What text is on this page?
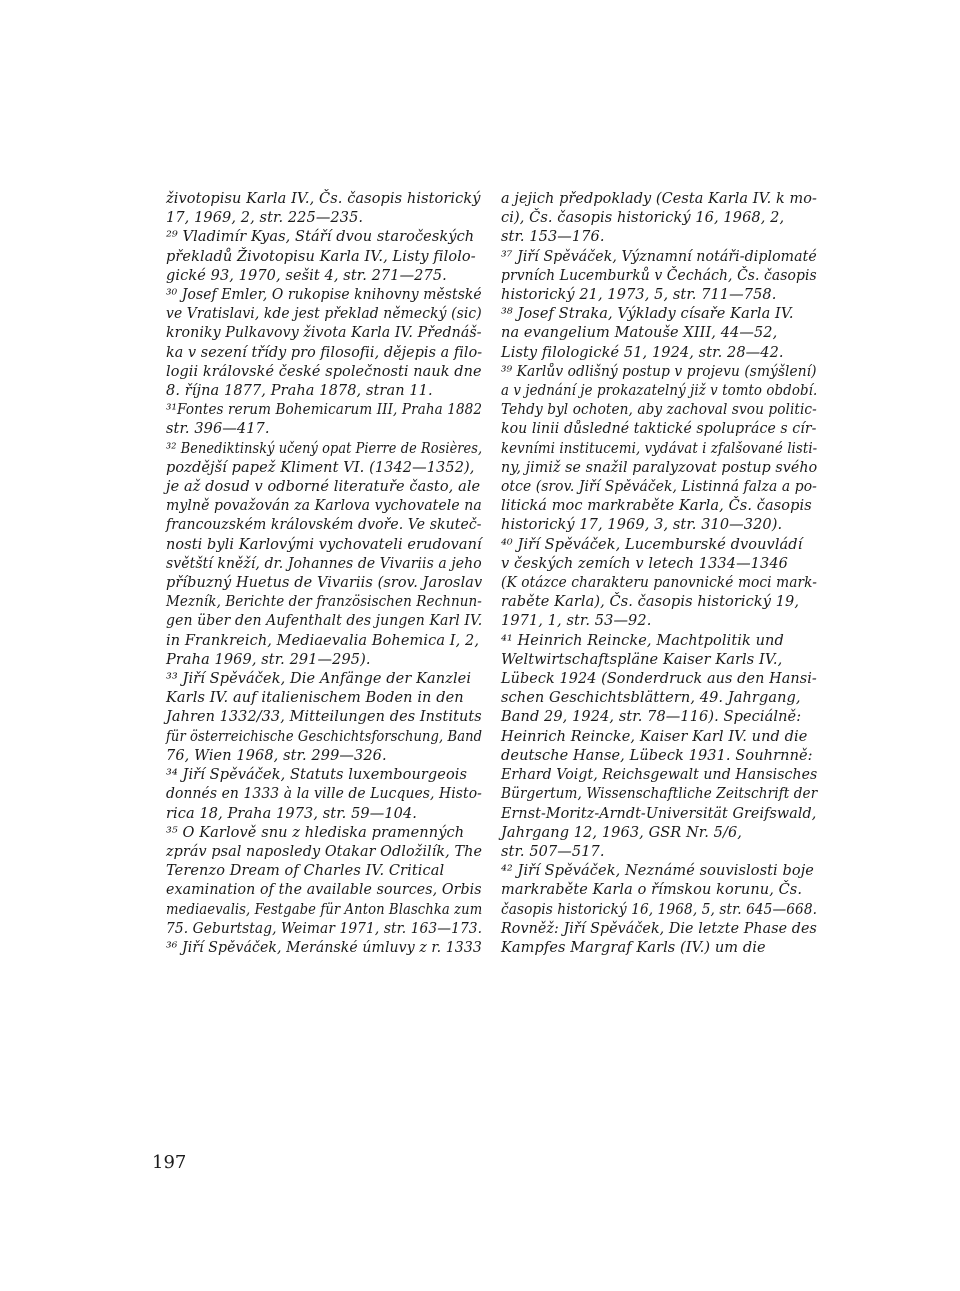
životopisu Karla IV., Čs. časopis historický
17, 1969, 2, str. 225—235.
²⁹ Vladimír Kyas, Stáří dvou staročeských
překladů Životopisu Karla IV., Listy filolo-
gické 93, 1970, sešit 4, str. 271—275.
³⁰ Josef Emler, O rukopise knihovny městské
ve Vratislavi, kde jest překlad německý (sic)
kroniky Pulkavovy života Karla IV. Přednáš-
ka v sezení třídy pro filosofii, dějepis a filo-
logii královské české společnosti nauk dne
8. října 1877, Praha 1878, stran 11.
³¹Fontes rerum Bohemicarum III, Praha 1882
str. 396—417.
³² Benediktinský učený opat Pierre de Rosières,
pozdější papež Kliment VI. (1342—1352),
je až dosud v odborné literatuře často, ale
mylně považován za Karlova vychovatele na
francouzském královském dvoře. Ve skuteč-
nosti byli Karlovými vychovateli erudovaní
světští kněží, dr. Johannes de Vivariis a jeho
příbuzný Huetus de Vivariis (srov. Jaroslav
Mezník, Berichte der französischen Rechnun-
gen über den Aufenthalt des jungen Karl IV.
in Frankreich, Mediaevalia Bohemica I, 2,
Praha 1969, str. 291—295).
³³ Jiří Spěváček, Die Anfänge der Kanzlei
Karls IV. auf italienischem Boden in den
Jahren 1332/33, Mitteilungen des Instituts
für österreichische Geschichtsforschung, Band
76, Wien 1968, str. 299—326.
³⁴ Jiří Spěváček, Statuts luxembourgeois
donnés en 1333 à la ville de Lucques, Histo-
rica 18, Praha 1973, str. 59—104.
³⁵ O Karlově snu z hlediska pramenných
zpráv psal naposledy Otakar Odložilík, The
Terenzo Dream of Charles IV. Critical
examination of the available sources, Orbis
mediaevalis, Festgabe für Anton Blaschka zum
75. Geburtstag, Weimar 1971, str. 163—173.
³⁶ Jiří Spěváček, Meránské úmluvy z r. 1333
a jejich předpoklady (Cesta Karla IV. k mo-
ci), Čs. časopis historický 16, 1968, 2,
str. 153—176.
³⁷ Jiří Spěváček, Významní notáři-diplomaté
prvních Lucemburků v Čechách, Čs. časopis
historický 21, 1973, 5, str. 711—758.
³⁸ Josef Straka, Výklady císaře Karla IV.
na evangelium Matouše XIII, 44—52,
Listy filologické 51, 1924, str. 28—42.
³⁹ Karlův odlišný postup v projevu (smýšlení)
a v jednání je prokazatelný již v tomto období.
Tehdy byl ochoten, aby zachoval svou politic-
kou linii důsledné taktické spolupráce s cír-
kevními institucemi, vydávat i zfalšované listi-
ny, jimiž se snažil paralyzovat postup svého
otce (srov. Jiří Spěváček, Listinná falza a po-
litická moc markraběte Karla, Čs. časopis
historický 17, 1969, 3, str. 310—320).
⁴⁰ Jiří Spěváček, Lucemburské dvouvládí
v českých zemích v letech 1334—1346
(K otázce charakteru panovnické moci mark-
raběte Karla), Čs. časopis historický 19,
1971, 1, str. 53—92.
⁴¹ Heinrich Reincke, Machtpolitik und
Weltwirtschaftspläne Kaiser Karls IV.,
Lübeck 1924 (Sonderdruck aus den Hansi-
schen Geschichtsblättern, 49. Jahrgang,
Band 29, 1924, str. 78—116). Speciálně:
Heinrich Reincke, Kaiser Karl IV. und die
deutsche Hanse, Lübeck 1931. Souhrnně:
Erhard Voigt, Reichsgewalt und Hansisches
Bürgertum, Wissenschaftliche Zeitschrift der
Ernst-Moritz-Arndt-Universität Greifswald,
Jahrgang 12, 1963, GSR Nr. 5/6,
str. 507—517.
⁴² Jiří Spěváček, Neznámé souvislosti boje
markraběte Karla o římskou korunu, Čs.
časopis historický 16, 1968, 5, str. 645—668.
Rovněž: Jiří Spěváček, Die letzte Phase des
Kampfes Margraf Karls (IV.) um die
197
